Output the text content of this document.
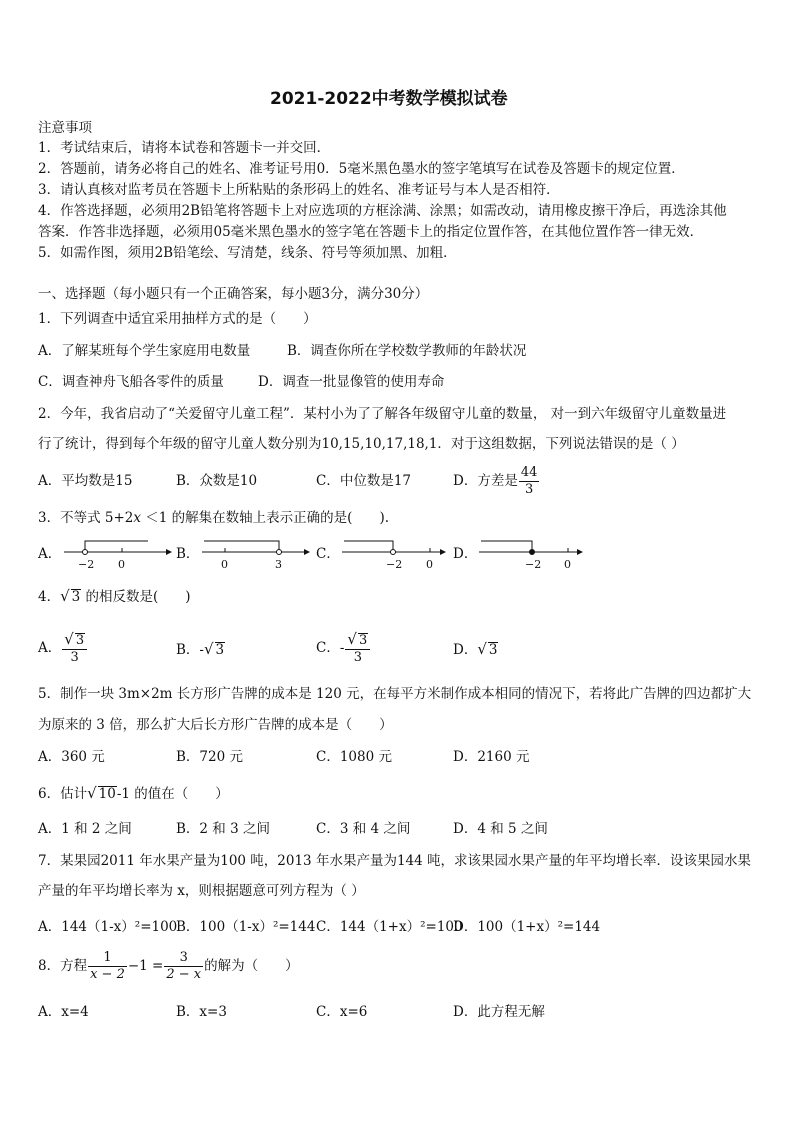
2021-2022中考数学模拟试卷
注意事项
1．考试结束后，请将本试卷和答题卡一并交回．
2．答题前，请务必将自己的姓名、准考证号用0．5毫米黑色墨水的签字笔填写在试卷及答题卡的规定位置．
3．请认真核对监考员在答题卡上所粘贴的条形码上的姓名、准考证号与本人是否相符．
4．作答选择题，必须用2B铅笔将答题卡上对应选项的方框涂满、涂黑；如需改动，请用橡皮擦干净后，再选涂其他
答案．作答非选择题，必须用05毫米黑色墨水的签字笔在答题卡上的指定位置作答，在其他位置作答一律无效．
5．如需作图，须用2B铅笔绘、写清楚，线条、符号等须加黑、加粗．
一、选择题（每小题只有一个正确答案，每小题3分，满分30分）
1．下列调查中适宜采用抽样方式的是（　　）
A．了解某班每个学生家庭用电数量	B．调查你所在学校数学教师的年龄状况
C．调查神舟飞船各零件的质量	D．调查一批显像管的使用寿命
2．今年，我省启动了“关爱留守儿童工程”．某村小为了了解各年级留守儿童的数量， 对一到六年级留守儿童数量进
行了统计，得到每个年级的留守儿童人数分别为10,15,10,17,18,1．对于这组数据，下列说法错误的是（ ）
A．平均数是15	B．众数是10	C．中位数是17	D．方差是 $\frac{44}{3}$
3．不等式 5+2x ＜1 的解集在数轴上表示正确的是(　　).
A．
−2 0
B．
0	3
C．
−2 0
D．
−2 0
4．√ 3 的相反数是(　　)
A． $\frac{√ 3}{3}$	B．-√ 3	C．- $\frac{√ 3}{3}$	D．√ 3
5．制作一块 3m×2m 长方形广告牌的成本是 120 元，在每平方米制作成本相同的情况下，若将此广告牌的四边都扩大
为原来的 3 倍，那么扩大后长方形广告牌的成本是（　　）
A．360 元	B．720 元	C．1080 元	D．2160 元
6．估计√ 10-1 的值在（　　）
A．1 和 2 之间	B．2 和 3 之间	C．3 和 4 之间	D．4 和 5 之间
7．某果园2011 年水果产量为100 吨，2013 年水果产量为144 吨，求该果园水果产量的年平均增长率．设该果园水果
产量的年平均增长率为 x，则根据题意可列方程为（ ）
A．144（1-x）²=100
B．100（1-x）²=144 C．144（1+x）²=100
D．100（1+x）²=144
8．方程 $\frac{1}{x - 2} -1 = \frac{3}{2 - x}$ 的解为（　　）
A．x=4	B．x=3	C．x=6	D．此方程无解
